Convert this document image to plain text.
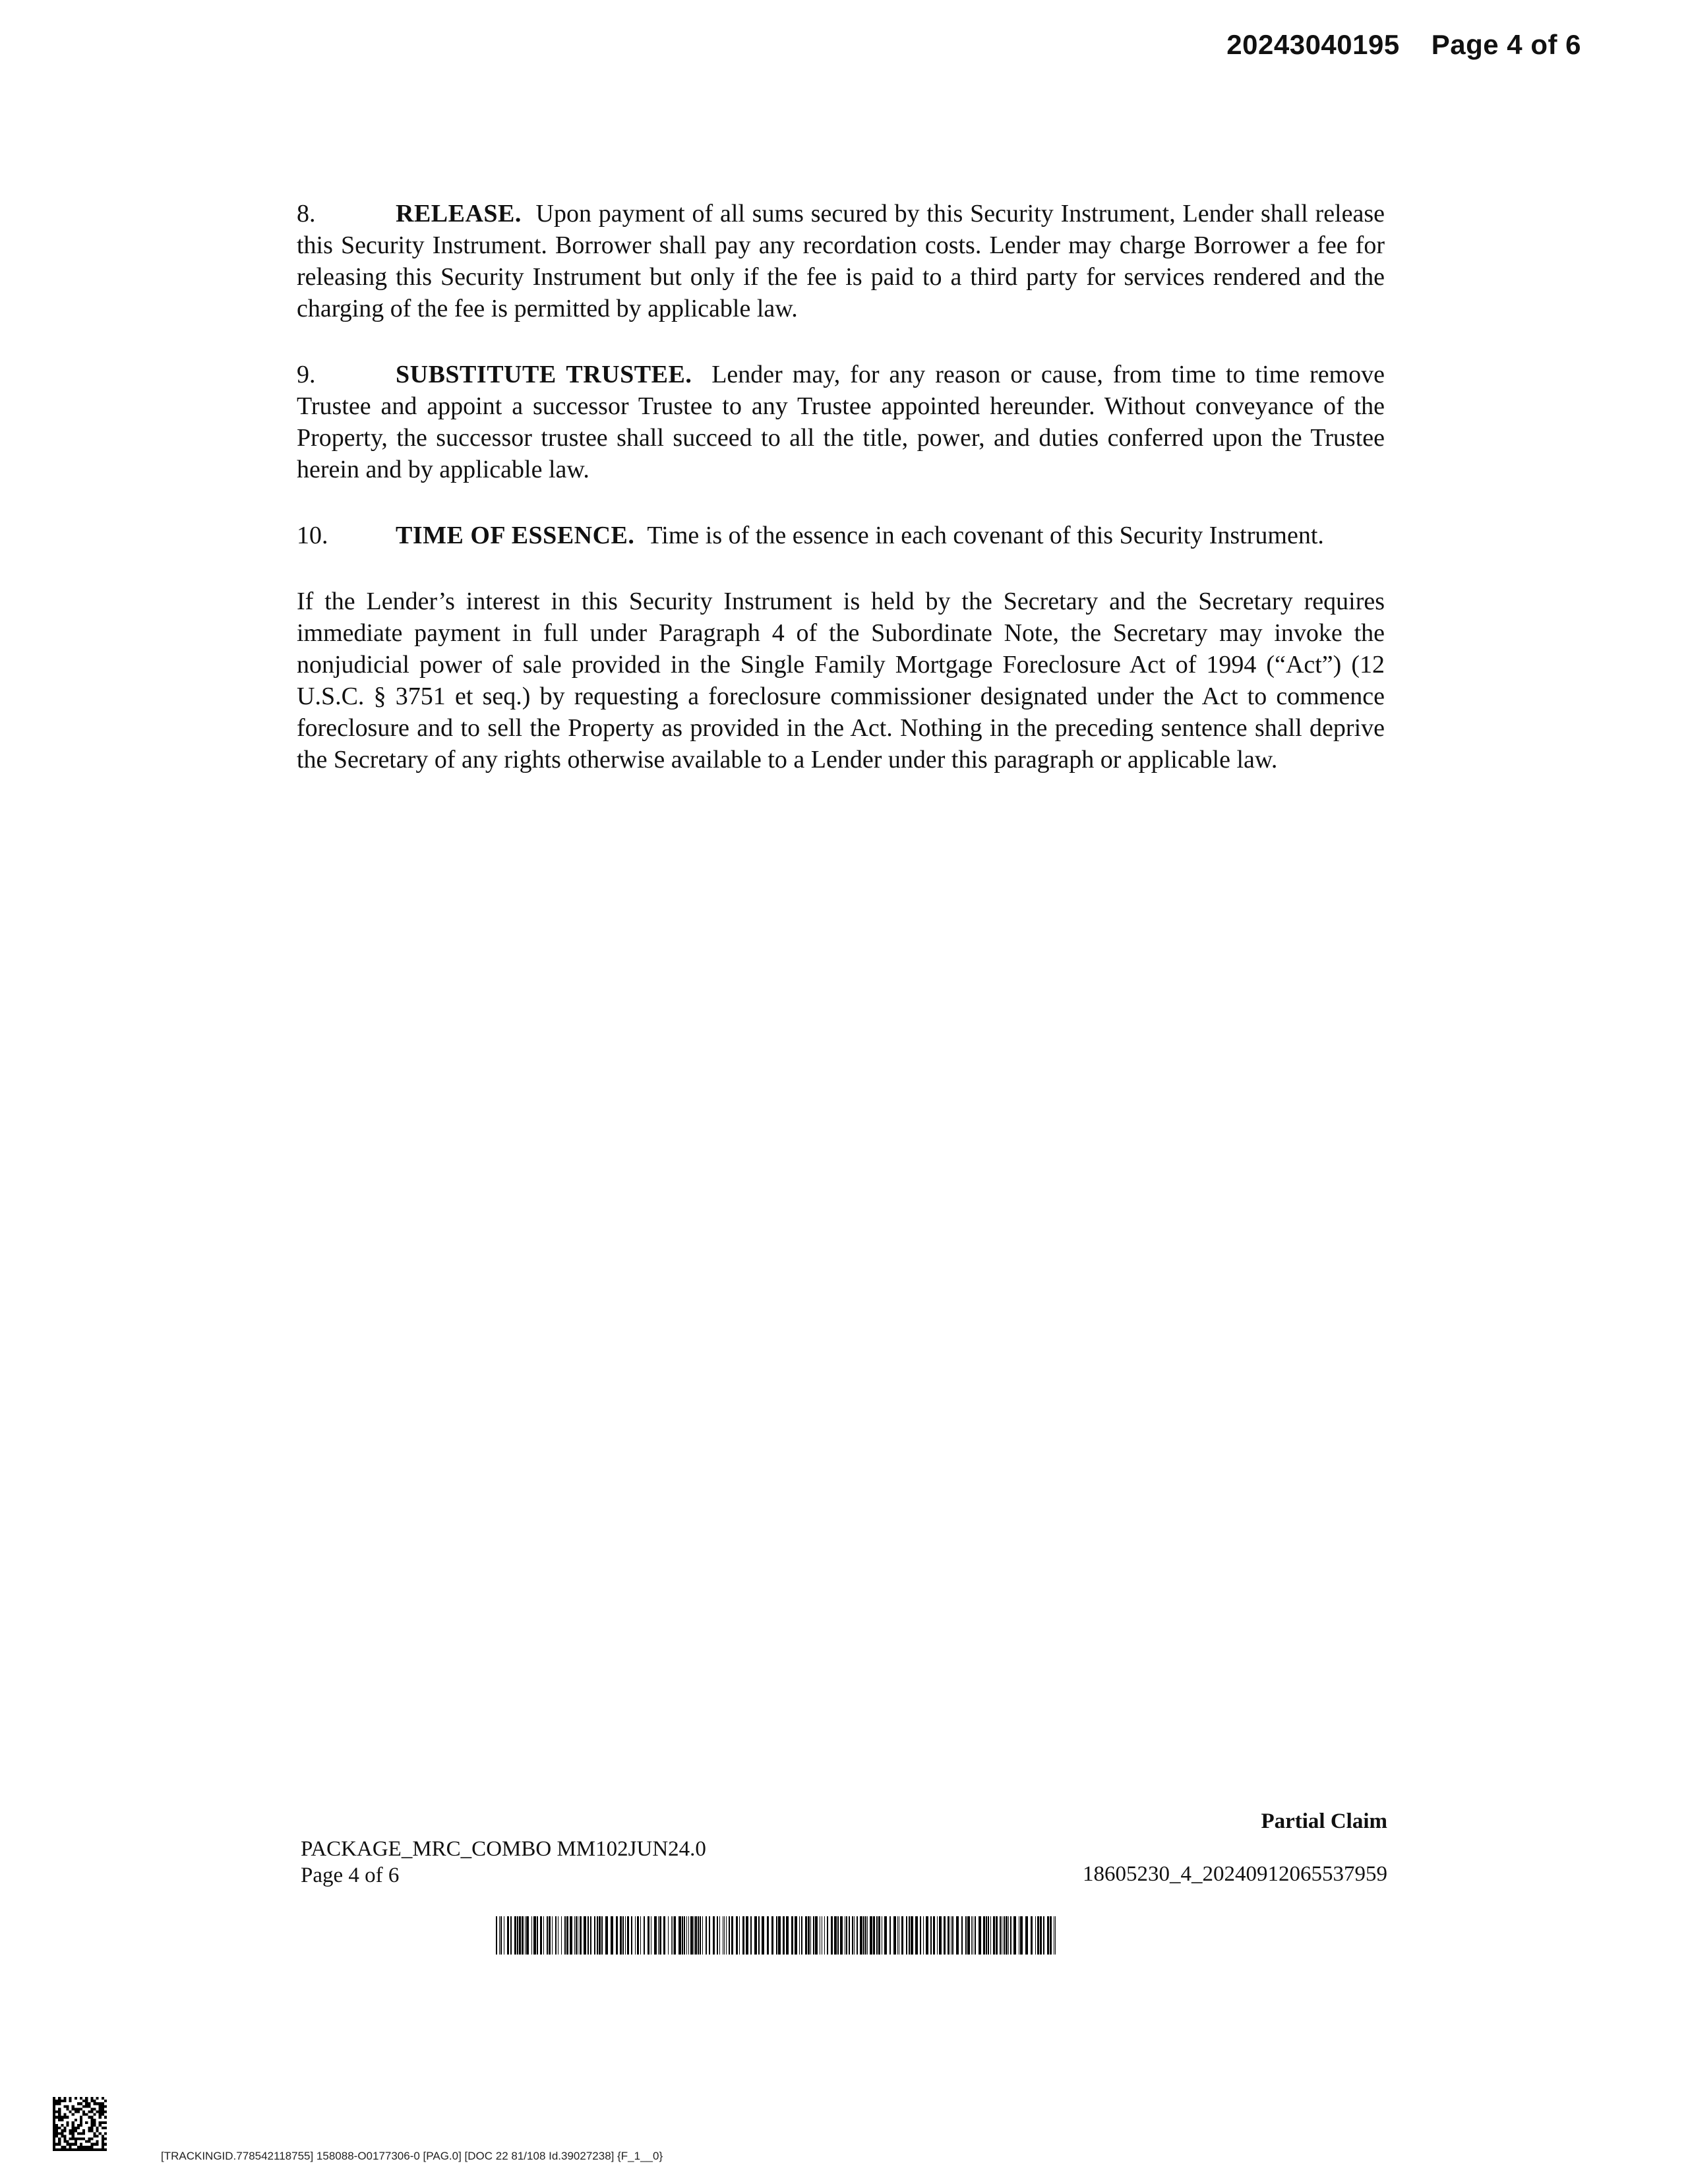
20243040195 Page 4 of 6

8.	RELEASE. Upon payment of all sums secured by this Security Instrument, Lender shall release this Security Instrument. Borrower shall pay any recordation costs. Lender may charge Borrower a fee for releasing this Security Instrument but only if the fee is paid to a third party for services rendered and the charging of the fee is permitted by applicable law.

9.	SUBSTITUTE TRUSTEE. Lender may, for any reason or cause, from time to time remove Trustee and appoint a successor Trustee to any Trustee appointed hereunder. Without conveyance of the Property, the successor trustee shall succeed to all the title, power, and duties conferred upon the Trustee herein and by applicable law.

10.	TIME OF ESSENCE. Time is of the essence in each covenant of this Security Instrument.

If the Lender’s interest in this Security Instrument is held by the Secretary and the Secretary requires immediate payment in full under Paragraph 4 of the Subordinate Note, the Secretary may invoke the nonjudicial power of sale provided in the Single Family Mortgage Foreclosure Act of 1994 (“Act”) (12 U.S.C. § 3751 et seq.) by requesting a foreclosure commissioner designated under the Act to commence foreclosure and to sell the Property as provided in the Act. Nothing in the preceding sentence shall deprive the Secretary of any rights otherwise available to a Lender under this paragraph or applicable law.

PACKAGE_MRC_COMBO MM102JUN24.0
Page 4 of 6
Partial Claim
18605230_4_20240912065537959
[TRACKINGID.778542118755] 158088-O0177306-0 [PAG.0] [DOC 22 81/108 Id.39027238] {F_1__0}
